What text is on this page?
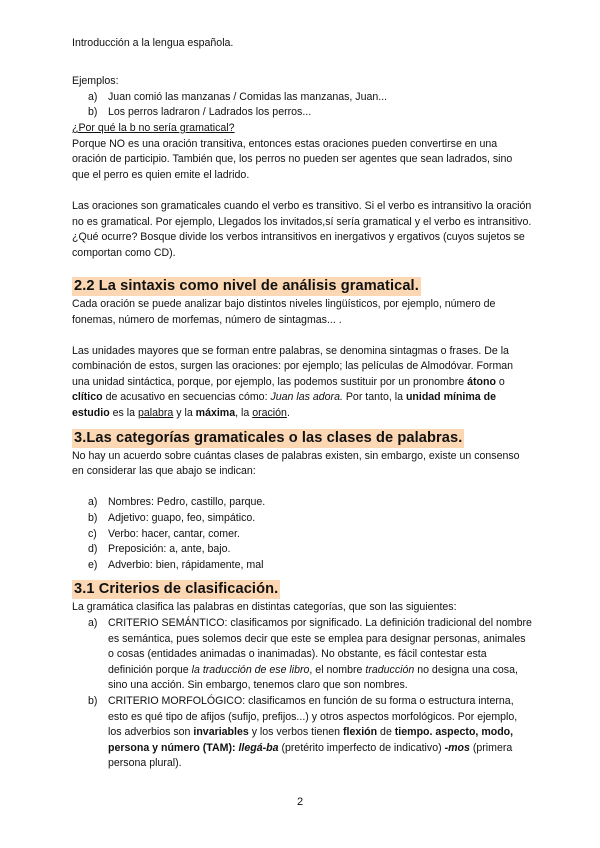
Introducción a la lengua española.

Ejemplos:

a) Juan comió las manzanas / Comidas las manzanas, Juan...
b) Los perros ladraron / Ladrados los perros...

¿Por qué la b no sería gramatical?

Porque NO es una oración transitiva, entonces estas oraciones pueden convertirse en una oración de participio. También que, los perros no pueden ser agentes que sean ladrados, sino que el perro es quien emite el ladrido.

Las oraciones son gramaticales cuando el verbo es transitivo. Si el verbo es intransitivo la oración no es gramatical. Por ejemplo, Llegados los invitados,sí sería gramatical y el verbo es intransitivo. ¿Qué ocurre? Bosque divide los verbos intransitivos en inergativos y ergativos (cuyos sujetos se comportan como CD).

2.2 La sintaxis como nivel de análisis gramatical.

Cada oración se puede analizar bajo distintos niveles lingüísticos, por ejemplo, número de fonemas, número de morfemas, número de sintagmas... .

Las unidades mayores que se forman entre palabras, se denomina sintagmas o frases. De la combinación de estos, surgen las oraciones: por ejemplo; las películas de Almodóvar. Forman una unidad sintáctica, porque, por ejemplo, las podemos sustituir por un pronombre átono o clítico de acusativo en secuencias cómo: Juan las adora. Por tanto, la unidad mínima de estudio es la palabra y la máxima, la oración.

3.Las categorías gramaticales o las clases de palabras.

No hay un acuerdo sobre cuántas clases de palabras existen, sin embargo, existe un consenso en considerar las que abajo se indican:

a) Nombres: Pedro, castillo, parque.
b) Adjetivo: guapo, feo, simpático.
c) Verbo: hacer, cantar, comer.
d) Preposición: a, ante, bajo.
e) Adverbio: bien, rápidamente, mal
3.1 Criterios de clasificación.

La gramática clasifica las palabras en distintas categorías, que son las siguientes:

a) CRITERIO SEMÁNTICO: clasificamos por significado. La definición tradicional del nombre es semántica, pues solemos decir que este se emplea para designar personas, animales o cosas (entidades animadas o inanimadas). No obstante, es fácil contestar esta definición porque la traducción de ese libro, el nombre traducción no designa una cosa, sino una acción. Sin embargo, tenemos claro que son nombres.
b) CRITERIO MORFOLÓGICO: clasificamos en función de su forma o estructura interna, esto es qué tipo de afijos (sufijo, prefijos...) y otros aspectos morfológicos. Por ejemplo, los adverbios son invariables y los verbos tienen flexión de tiempo. aspecto, modo, persona y número (TAM): llegá-ba (pretérito imperfecto de indicativo) -mos (primera persona plural).
2
